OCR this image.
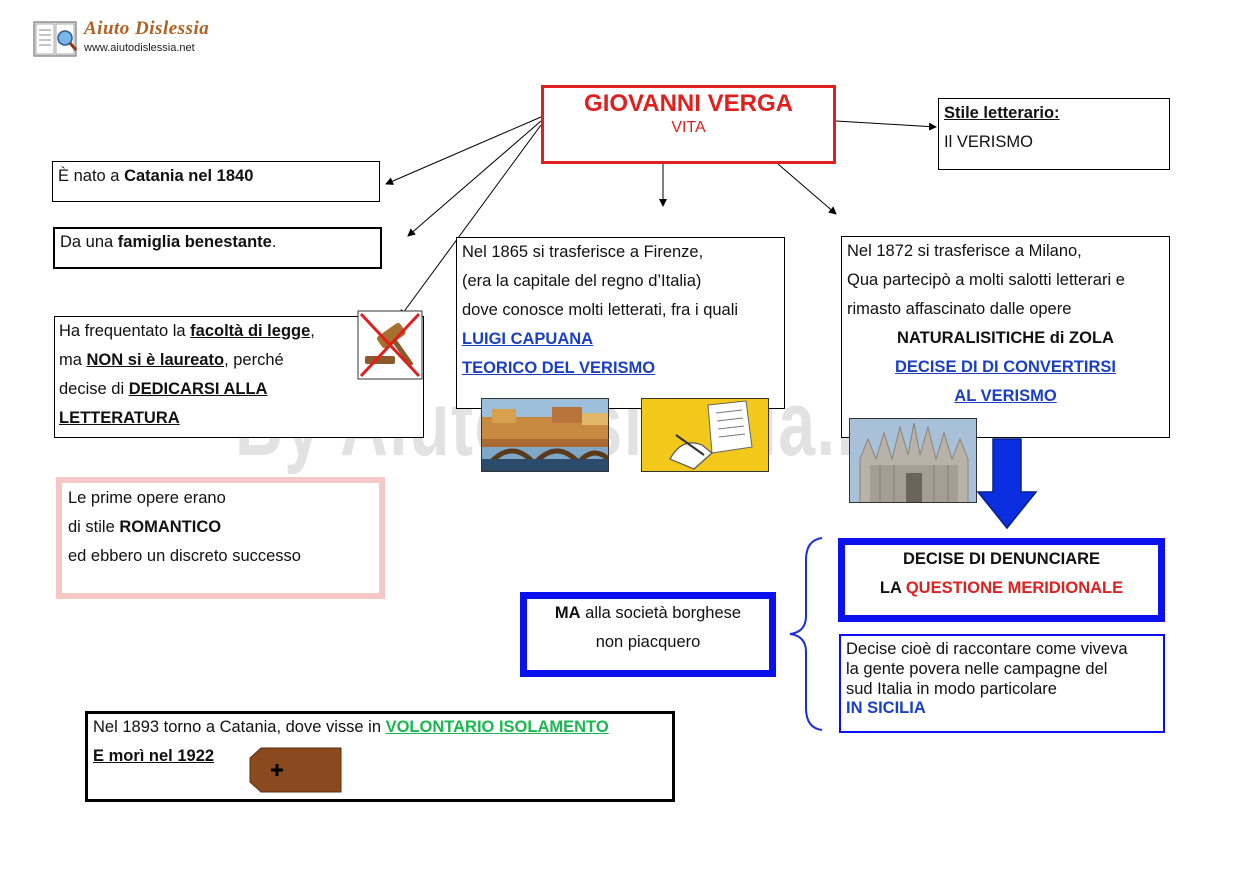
Aiuto Dislessia
www.aiutodislessia.net
AiutoDislessia.net
GIOVANNI VERGA
VITA
Stile letterario:
Il VERISMO
È nato a Catania nel 1840
Da una famiglia benestante.
Ha frequentato la facoltà di legge,
ma NON si è laureato, perché
decise di DEDICARSI ALLA
LETTERATURA
Le prime opere erano
di stile ROMANTICO
ed ebbero un discreto successo
Nel 1865 si trasferisce a Firenze,
(era la capitale del regno d’Italia)
dove conosce molti letterati, fra i quali
LUIGI CAPUANA
TEORICO DEL VERISMO
Nel 1872 si trasferisce a Milano,
Qua partecipò a molti salotti letterari e
rimasto affascinato dalle opere
NATURALISITICHE di ZOLA
DECISE DI DI CONVERTIRSI
AL VERISMO
DECISE DI DENUNCIARE
LA QUESTIONE MERIDIONALE
Decise cioè di raccontare come viveva
la gente povera nelle campagne del
sud Italia in modo particolare
IN SICILIA
MA alla società borghese
non piacquero
Nel 1893 torno a Catania, dove visse in VOLONTARIO ISOLAMENTO
E morì nel 1922
